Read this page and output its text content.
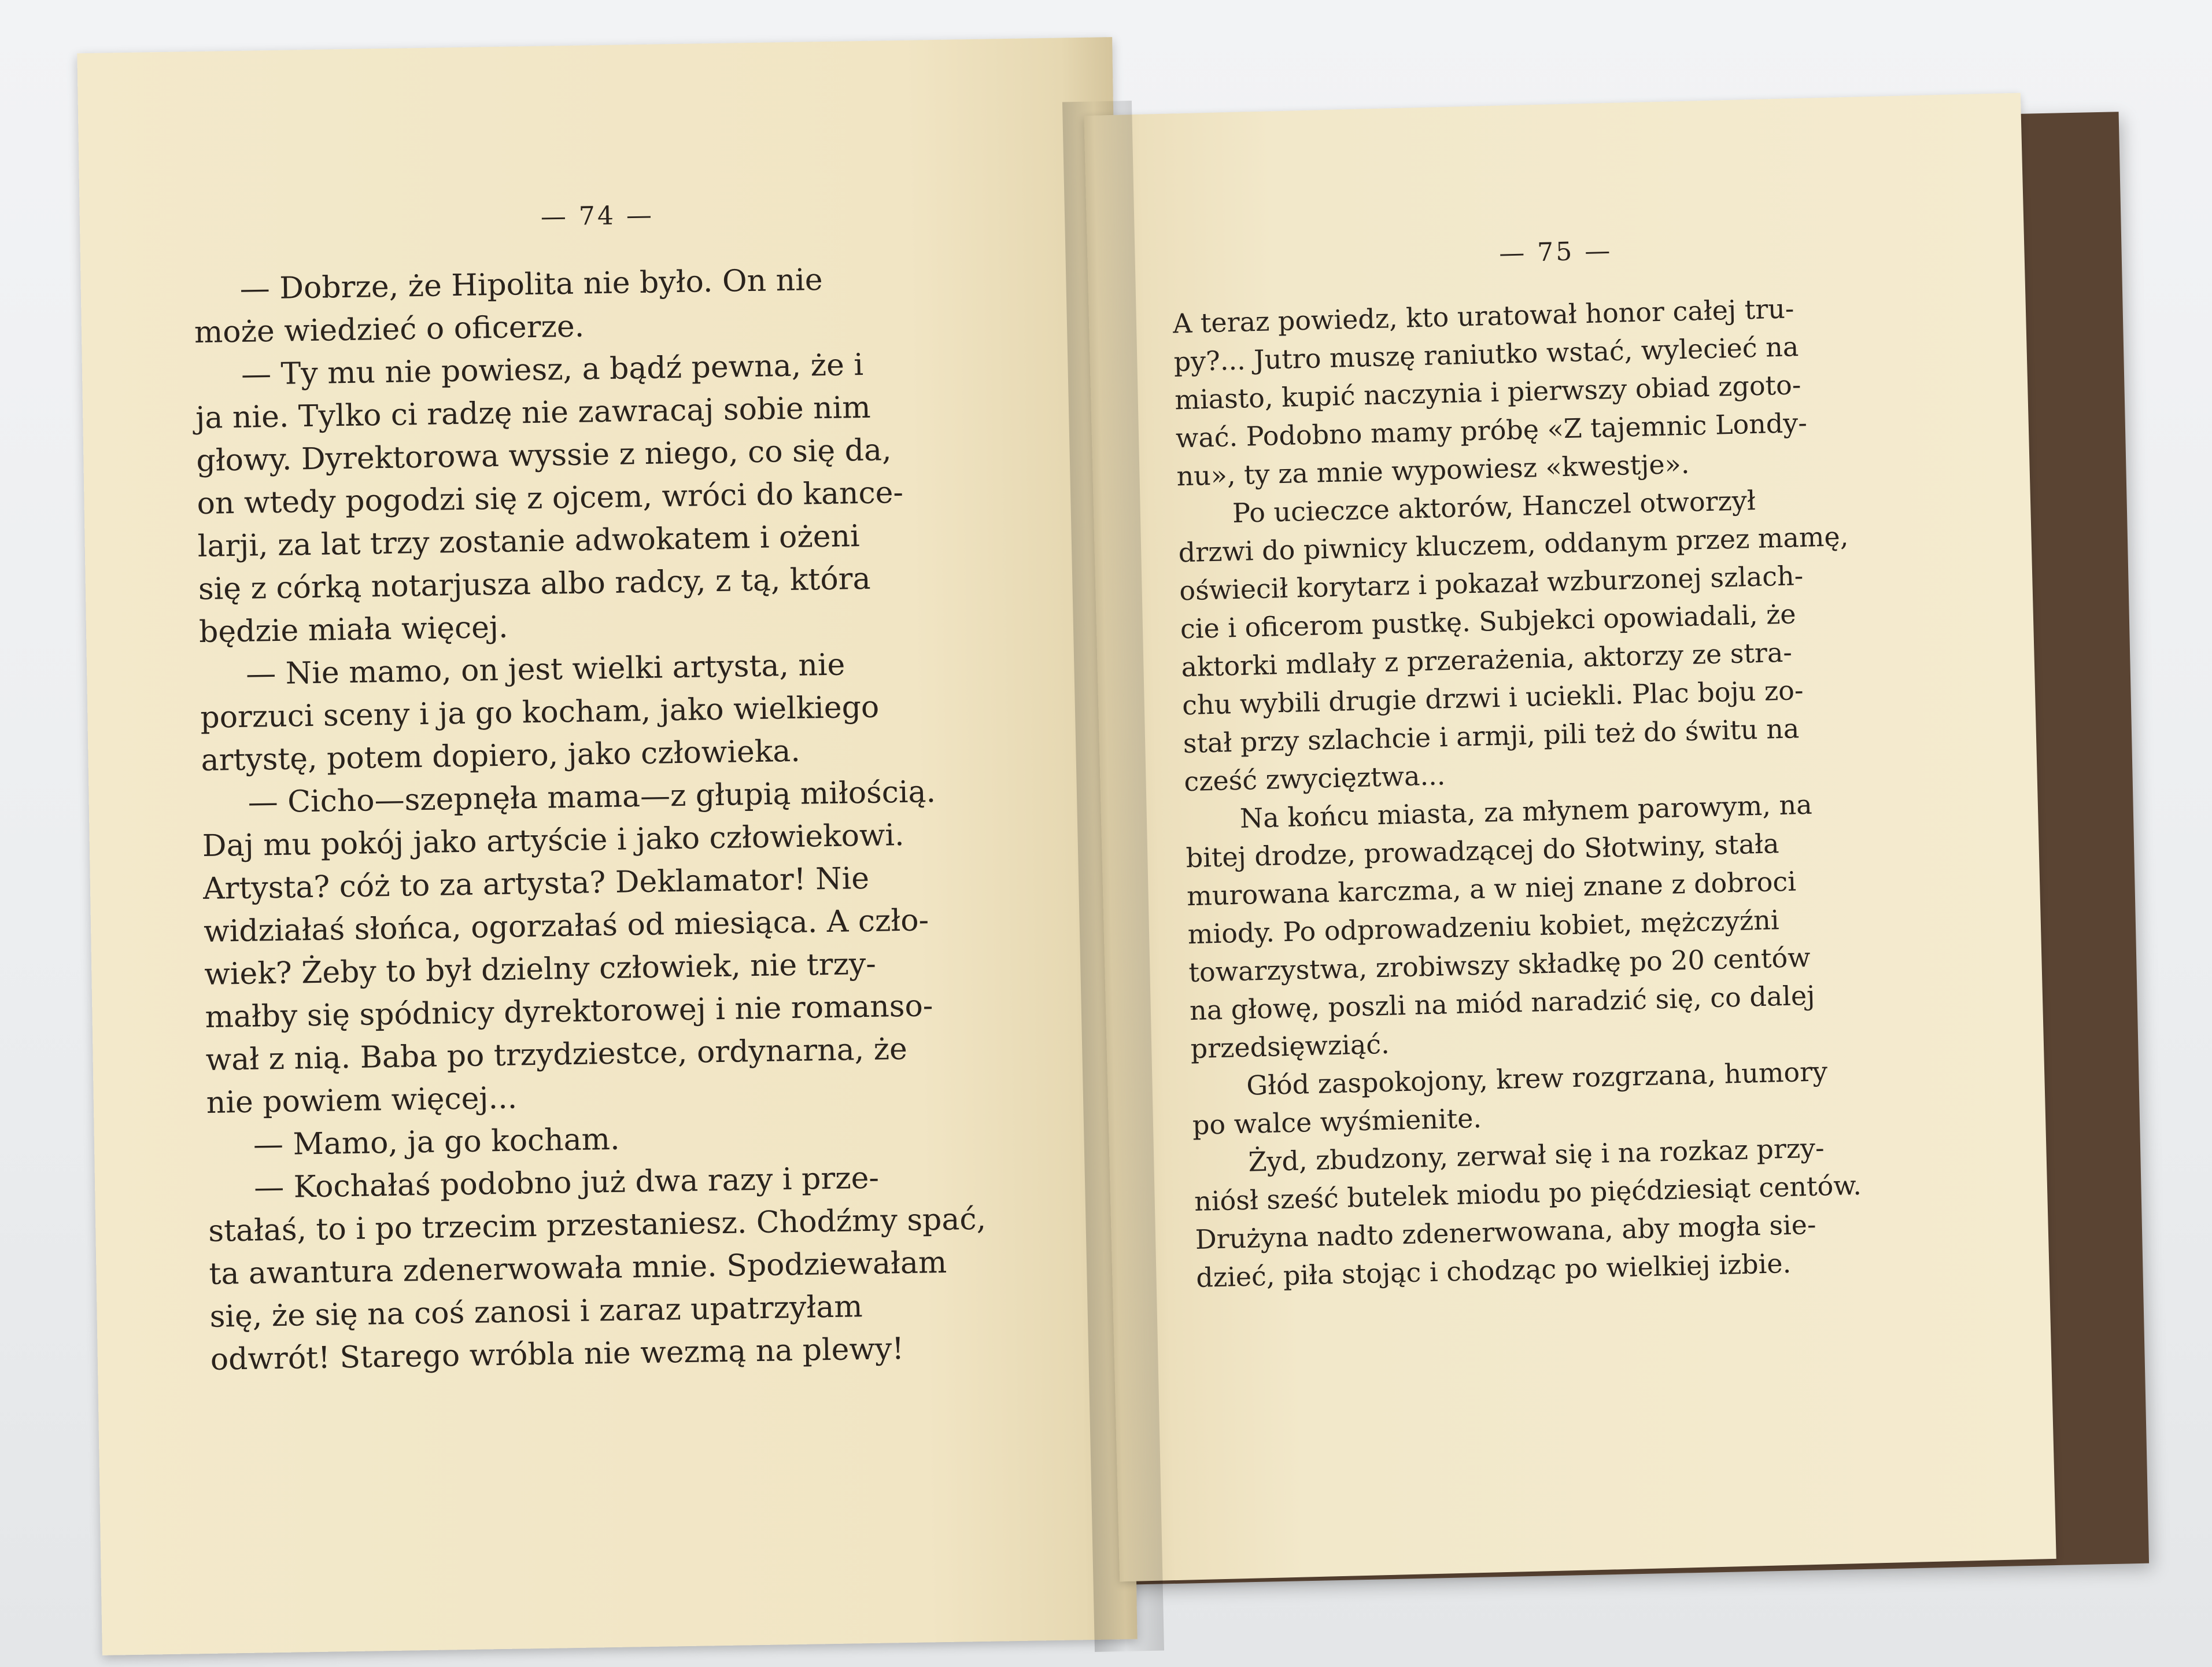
— 74 —
— Dobrze, że Hipolita nie było. On nie
może wiedzieć o oficerze.
— Ty mu nie powiesz, a bądź pewna, że i
ja nie. Tylko ci radzę nie zawracaj sobie nim
głowy. Dyrektorowa wyssie z niego, co się da,
on wtedy pogodzi się z ojcem, wróci do kance-
larji, za lat trzy zostanie adwokatem i ożeni
się z córką notarjusza albo radcy, z tą, która
będzie miała więcej.
— Nie mamo, on jest wielki artysta, nie
porzuci sceny i ja go kocham, jako wielkiego
artystę, potem dopiero, jako człowieka.
— Cicho—szepnęła mama—z głupią miłością.
Daj mu pokój jako artyście i jako człowiekowi.
Artysta? cóż to za artysta? Deklamator! Nie
widziałaś słońca, ogorzałaś od miesiąca. A czło-
wiek? Żeby to był dzielny człowiek, nie trzy-
małby się spódnicy dyrektorowej i nie romanso-
wał z nią. Baba po trzydziestce, ordynarna, że
nie powiem więcej...
— Mamo, ja go kocham.
— Kochałaś podobno już dwa razy i prze-
stałaś, to i po trzecim przestaniesz. Chodźmy spać,
ta awantura zdenerwowała mnie. Spodziewałam
się, że się na coś zanosi i zaraz upatrzyłam
odwrót! Starego wróbla nie wezmą na plewy!
— 75 —
A teraz powiedz, kto uratował honor całej tru-
py?... Jutro muszę raniutko wstać, wylecieć na
miasto, kupić naczynia i pierwszy obiad zgoto-
wać. Podobno mamy próbę «Z tajemnic Londy-
nu», ty za mnie wypowiesz «kwestje».
Po ucieczce aktorów, Hanczel otworzył
drzwi do piwnicy kluczem, oddanym przez mamę,
oświecił korytarz i pokazał wzburzonej szlach-
cie i oficerom pustkę. Subjekci opowiadali, że
aktorki mdlały z przerażenia, aktorzy ze stra-
chu wybili drugie drzwi i uciekli. Plac boju zo-
stał przy szlachcie i armji, pili też do świtu na
cześć zwycięztwa...
Na końcu miasta, za młynem parowym, na
bitej drodze, prowadzącej do Słotwiny, stała
murowana karczma, a w niej znane z dobroci
miody. Po odprowadzeniu kobiet, mężczyźni
towarzystwa, zrobiwszy składkę po 20 centów
na głowę, poszli na miód naradzić się, co dalej
przedsięwziąć.
Głód zaspokojony, krew rozgrzana, humory
po walce wyśmienite.
Żyd, zbudzony, zerwał się i na rozkaz przy-
niósł sześć butelek miodu po pięćdziesiąt centów.
Drużyna nadto zdenerwowana, aby mogła sie-
dzieć, piła stojąc i chodząc po wielkiej izbie.
